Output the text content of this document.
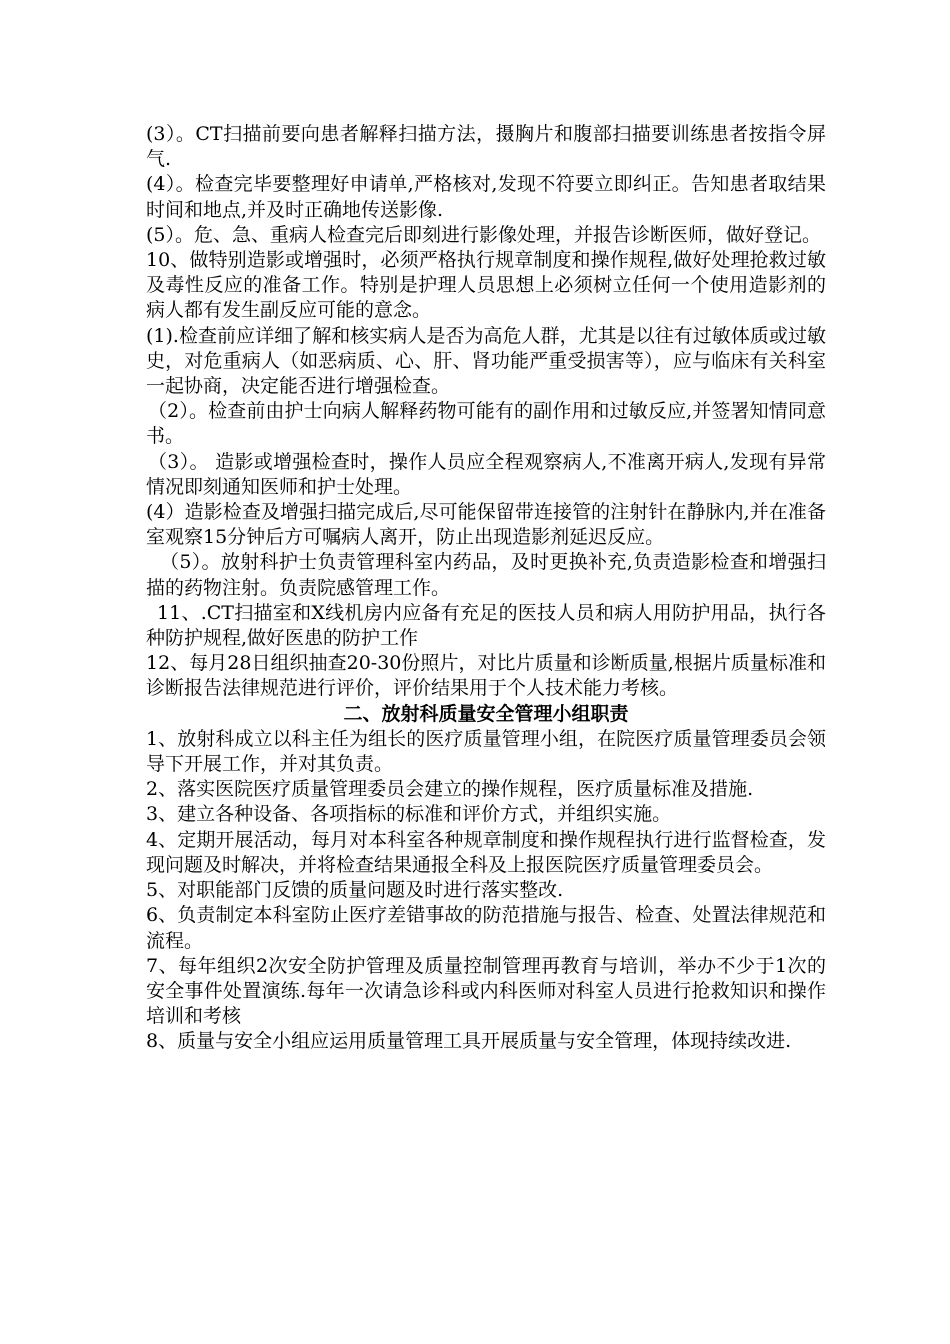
(3）。CT扫描前要向患者解释扫描方法，摄胸片和腹部扫描要训练患者按指令屏气.

(4）。检查完毕要整理好申请单,严格核对,发现不符要立即纠正。告知患者取结果时间和地点,并及时正确地传送影像.

(5）。危、急、重病人检查完后即刻进行影像处理，并报告诊断医师，做好登记。

10、做特别造影或增强时，必须严格执行规章制度和操作规程,做好处理抢救过敏及毒性反应的准备工作。特别是护理人员思想上必须树立任何一个使用造影剂的病人都有发生副反应可能的意念。

(1).检查前应详细了解和核实病人是否为高危人群，尤其是以往有过敏体质或过敏史，对危重病人（如恶病质、心、肝、肾功能严重受损害等），应与临床有关科室一起协商，决定能否进行增强检查。

（2）。检查前由护士向病人解释药物可能有的副作用和过敏反应,并签署知情同意书。

（3）。 造影或增强检查时，操作人员应全程观察病人,不准离开病人,发现有异常情况即刻通知医师和护士处理。

(4）造影检查及增强扫描完成后,尽可能保留带连接管的注射针在静脉内,并在准备室观察15分钟后方可嘱病人离开，防止出现造影剂延迟反应。

（5）。放射科护士负责管理科室内药品，及时更换补充,负责造影检查和增强扫描的药物注射。负责院感管理工作。

11、.CT扫描室和X线机房内应备有充足的医技人员和病人用防护用品，执行各种防护规程,做好医患的防护工作

12、每月28日组织抽查20-30份照片，对比片质量和诊断质量,根据片质量标准和诊断报告法律规范进行评价，评价结果用于个人技术能力考核。

二、放射科质量安全管理小组职责

1、放射科成立以科主任为组长的医疗质量管理小组，在院医疗质量管理委员会领导下开展工作，并对其负责。

2、落实医院医疗质量管理委员会建立的操作规程，医疗质量标准及措施.

3、建立各种设备、各项指标的标准和评价方式，并组织实施。

4、定期开展活动，每月对本科室各种规章制度和操作规程执行进行监督检查，发现问题及时解决，并将检查结果通报全科及上报医院医疗质量管理委员会。

5、对职能部门反馈的质量问题及时进行落实整改.

6、负责制定本科室防止医疗差错事故的防范措施与报告、检查、处置法律规范和流程。

7、每年组织2次安全防护管理及质量控制管理再教育与培训，举办不少于1次的安全事件处置演练.每年一次请急诊科或内科医师对科室人员进行抢救知识和操作培训和考核

8、质量与安全小组应运用质量管理工具开展质量与安全管理，体现持续改进.
